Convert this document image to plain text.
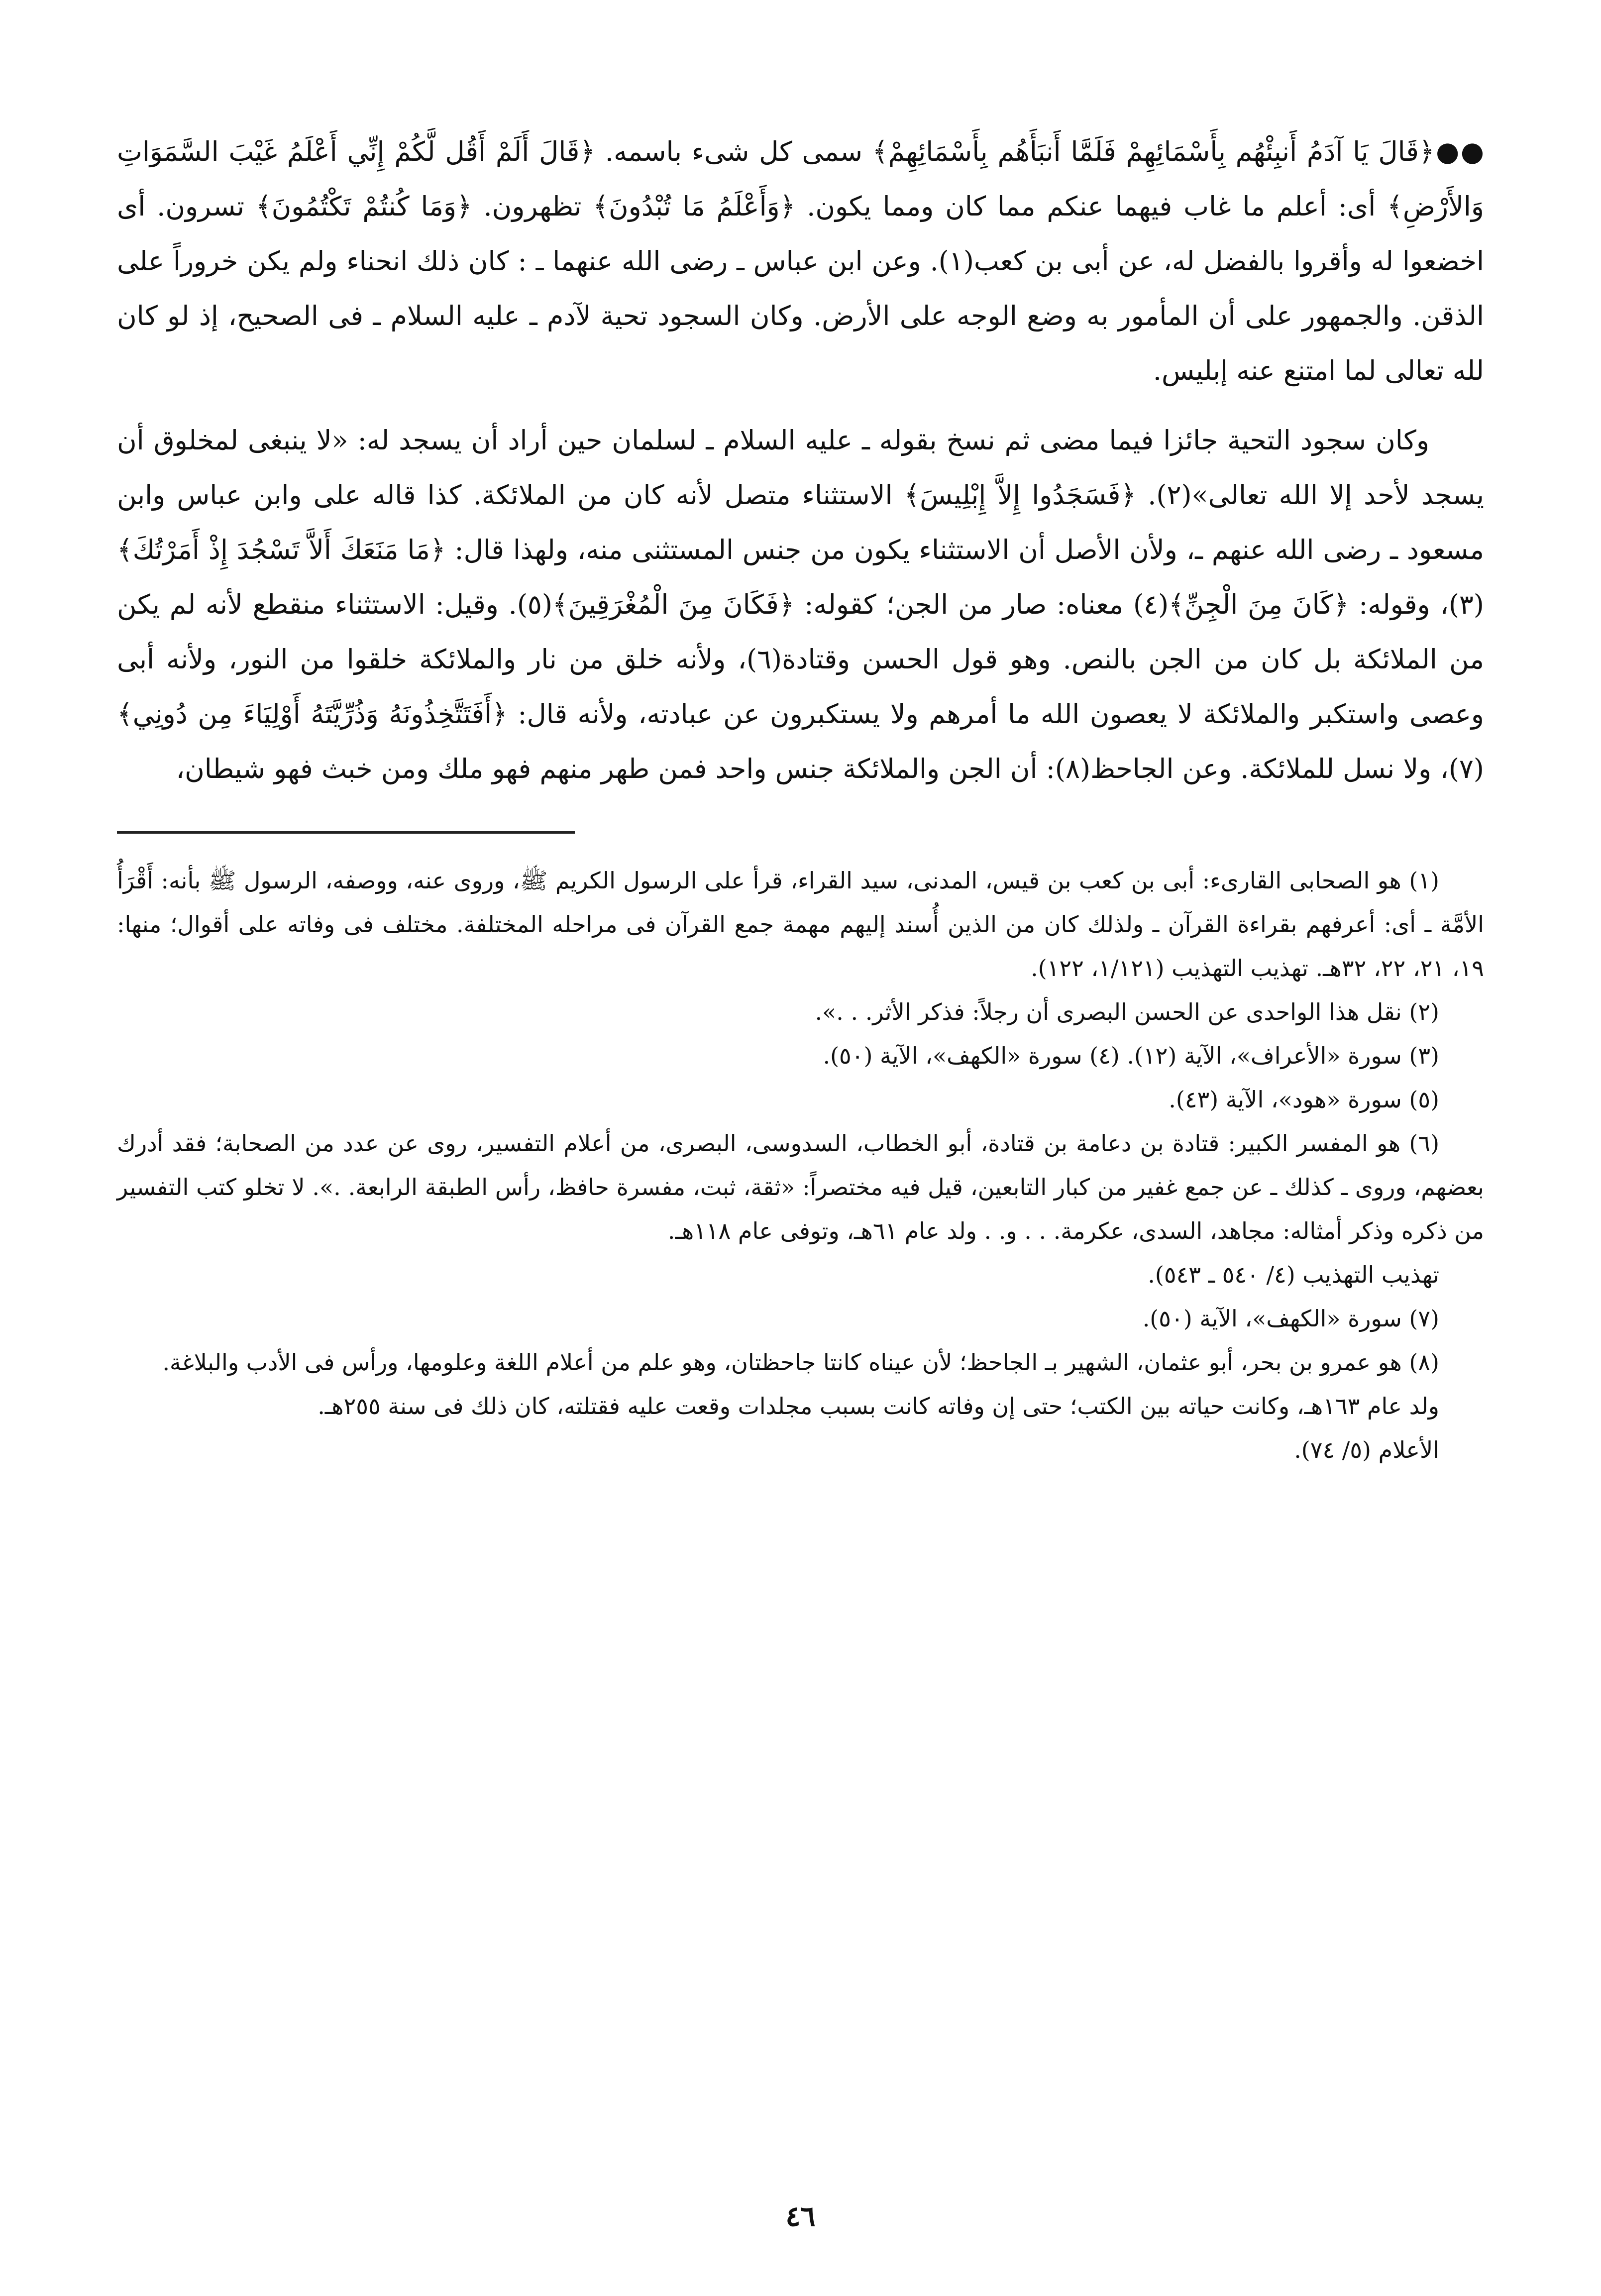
●●﴿قَالَ يَا آدَمُ أَنبِئْهُم بِأَسْمَائِهِمْ فَلَمَّا أَنبَأَهُم بِأَسْمَائِهِمْ﴾ سمى كل شىء باسمه. ﴿قَالَ أَلَمْ أَقُل لَّكُمْ إِنِّي أَعْلَمُ غَيْبَ السَّمَوَاتِ وَالأَرْضِ﴾ أى: أعلم ما غاب فيهما عنكم مما كان ومما يكون. ﴿وَأَعْلَمُ مَا تُبْدُونَ﴾ تظهرون. ﴿وَمَا كُنتُمْ تَكْتُمُونَ﴾ تسرون. أى اخضعوا له وأقروا بالفضل له، عن أبى بن كعب(١). وعن ابن عباس ـ رضى الله عنهما ـ : كان ذلك انحناء ولم يكن خروراً على الذقن. والجمهور على أن المأمور به وضع الوجه على الأرض. وكان السجود تحية لآدم ـ عليه السلام ـ فى الصحيح، إذ لو كان لله تعالى لما امتنع عنه إبليس.

وكان سجود التحية جائزا فيما مضى ثم نسخ بقوله ـ عليه السلام ـ لسلمان حين أراد أن يسجد له: «لا ينبغى لمخلوق أن يسجد لأحد إلا الله تعالى»(٢). ﴿فَسَجَدُوا إِلاَّ إِبْلِيسَ﴾ الاستثناء متصل لأنه كان من الملائكة. كذا قاله على وابن عباس وابن مسعود ـ رضى الله عنهم ـ، ولأن الأصل أن الاستثناء يكون من جنس المستثنى منه، ولهذا قال: ﴿مَا مَنَعَكَ أَلاَّ تَسْجُدَ إِذْ أَمَرْتُكَ﴾(٣)، وقوله: ﴿كَانَ مِنَ الْجِنِّ﴾(٤) معناه: صار من الجن؛ كقوله: ﴿فَكَانَ مِنَ الْمُغْرَقِينَ﴾(٥). وقيل: الاستثناء منقطع لأنه لم يكن من الملائكة بل كان من الجن بالنص. وهو قول الحسن وقتادة(٦)، ولأنه خلق من نار والملائكة خلقوا من النور، ولأنه أبى وعصى واستكبر والملائكة لا يعصون الله ما أمرهم ولا يستكبرون عن عبادته، ولأنه قال: ﴿أَفَتَتَّخِذُونَهُ وَذُرِّيَّتَهُ أَوْلِيَاءَ مِن دُونِي﴾(٧)، ولا نسل للملائكة. وعن الجاحظ(٨): أن الجن والملائكة جنس واحد فمن طهر منهم فهو ملك ومن خبث فهو شيطان،

(١) هو الصحابى القارىء: أبى بن كعب بن قيس، المدنى، سيد القراء، قرأ على الرسول الكريم ﷺ، وروى عنه، ووصفه، الرسول ﷺ بأنه: أَقْرَأُ الأمَّة ـ أى: أعرفهم بقراءة القرآن ـ ولذلك كان من الذين أُسند إليهم مهمة جمع القرآن فى مراحله المختلفة. مختلف فى وفاته على أقوال؛ منها: ١٩، ٢١، ٢٢، ٣٢هـ. تهذيب التهذيب (١/١٢١، ١٢٢).

(٢) نقل هذا الواحدى عن الحسن البصرى أن رجلاً: فذكر الأثر. . .».

(٣) سورة «الأعراف»، الآية (١٢). (٤) سورة «الكهف»، الآية (٥٠).

(٥) سورة «هود»، الآية (٤٣).

(٦) هو المفسر الكبير: قتادة بن دعامة بن قتادة، أبو الخطاب، السدوسى، البصرى، من أعلام التفسير، روى عن عدد من الصحابة؛ فقد أدرك بعضهم، وروى ـ كذلك ـ عن جمع غفير من كبار التابعين، قيل فيه مختصراً: «ثقة، ثبت، مفسرة حافظ، رأس الطبقة الرابعة. .». لا تخلو كتب التفسير من ذكره وذكر أمثاله: مجاهد، السدى، عكرمة. . . و. . ولد عام ٦١هـ، وتوفى عام ١١٨هـ.

تهذيب التهذيب (٤/ ٥٤٠ ـ ٥٤٣).

(٧) سورة «الكهف»، الآية (٥٠).

(٨) هو عمرو بن بحر، أبو عثمان، الشهير بـ الجاحظ؛ لأن عيناه كانتا جاحظتان، وهو علم من أعلام اللغة وعلومها، ورأس فى الأدب والبلاغة.

ولد عام ١٦٣هـ، وكانت حياته بين الكتب؛ حتى إن وفاته كانت بسبب مجلدات وقعت عليه فقتلته، كان ذلك فى سنة ٢٥٥هـ.

الأعلام (٥/ ٧٤).

٤٦
